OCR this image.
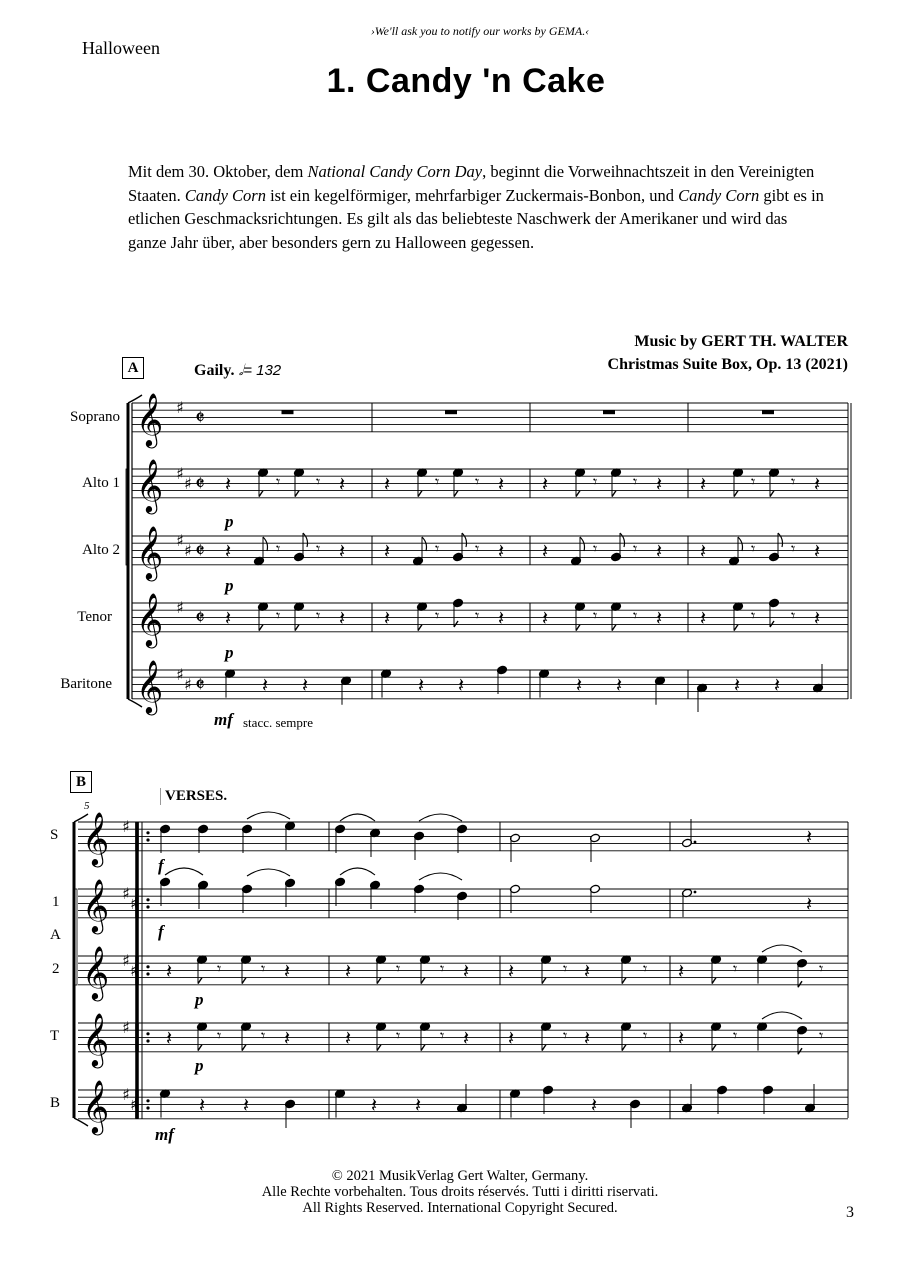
›We'll ask you to notify our works by GEMA.‹
Halloween
1. Candy 'n Cake
Mit dem 30. Oktober, dem National Candy Corn Day, beginnt die Vorweihnachtszeit in den Vereinigten Staaten. Candy Corn ist ein kegelförmiger, mehrfarbiger Zuckermais-Bonbon, und Candy Corn gibt es in etlichen Geschmacksrichtungen. Es gilt als das beliebteste Naschwerk der Amerikaner und wird das ganze Jahr über, aber besonders gern zu Halloween gegessen.
Music by GERT TH. WALTER
Christmas Suite Box, Op. 13 (2021)
A	Gaily. 𝅗𝅥= 132
Soprano
Alto 1
Alto 2
Tenor
Baritone
p
p
p
mf stacc. sempre
B
5
VERSES.
S
1
A
2
T
B
f
f
p
p
mf
𝄞 ♯ 𝄵
𝄞 ♯
♯ 𝄵
𝄞 ♯
♯ 𝄵
𝄞 ♯ 𝄵
𝄞 ♯
♯ 𝄵
𝄽	𝄾 𝄾 𝄽 𝄽	𝄾 𝄾 𝄽 𝄽	𝄾 𝄾 𝄽 𝄽	𝄾 𝄾 𝄽
𝄽	𝄾 𝄾 𝄽 𝄽	𝄾 𝄾 𝄽 𝄽	𝄾 𝄾 𝄽 𝄽	𝄾 𝄾 𝄽
𝄽	𝄾 𝄾 𝄽 𝄽	𝄾 𝄾 𝄽 𝄽	𝄾 𝄾 𝄽 𝄽	𝄾 𝄾 𝄽
𝄽 𝄽	𝄽 𝄽	𝄽 𝄽	𝄽 𝄽
𝄞 ♯
𝄞 ♯
♯
𝄞 ♯
♯
𝄞 ♯
𝄞 ♯
♯
𝄽
𝄽
𝄽	𝄾 𝄾 𝄽	𝄽	𝄾 𝄾 𝄽 𝄽	𝄾 𝄽	𝄾 𝄽	𝄾	𝄾
𝄽	𝄾 𝄾 𝄽	𝄽	𝄾 𝄾 𝄽 𝄽	𝄾 𝄽	𝄾 𝄽	𝄾	𝄾
𝄽 𝄽	𝄽 𝄽	𝄽
© 2021 MusikVerlag Gert Walter, Germany.
Alle Rechte vorbehalten. Tous droits réservés. Tutti i diritti riservati.
All Rights Reserved. International Copyright Secured.	3
